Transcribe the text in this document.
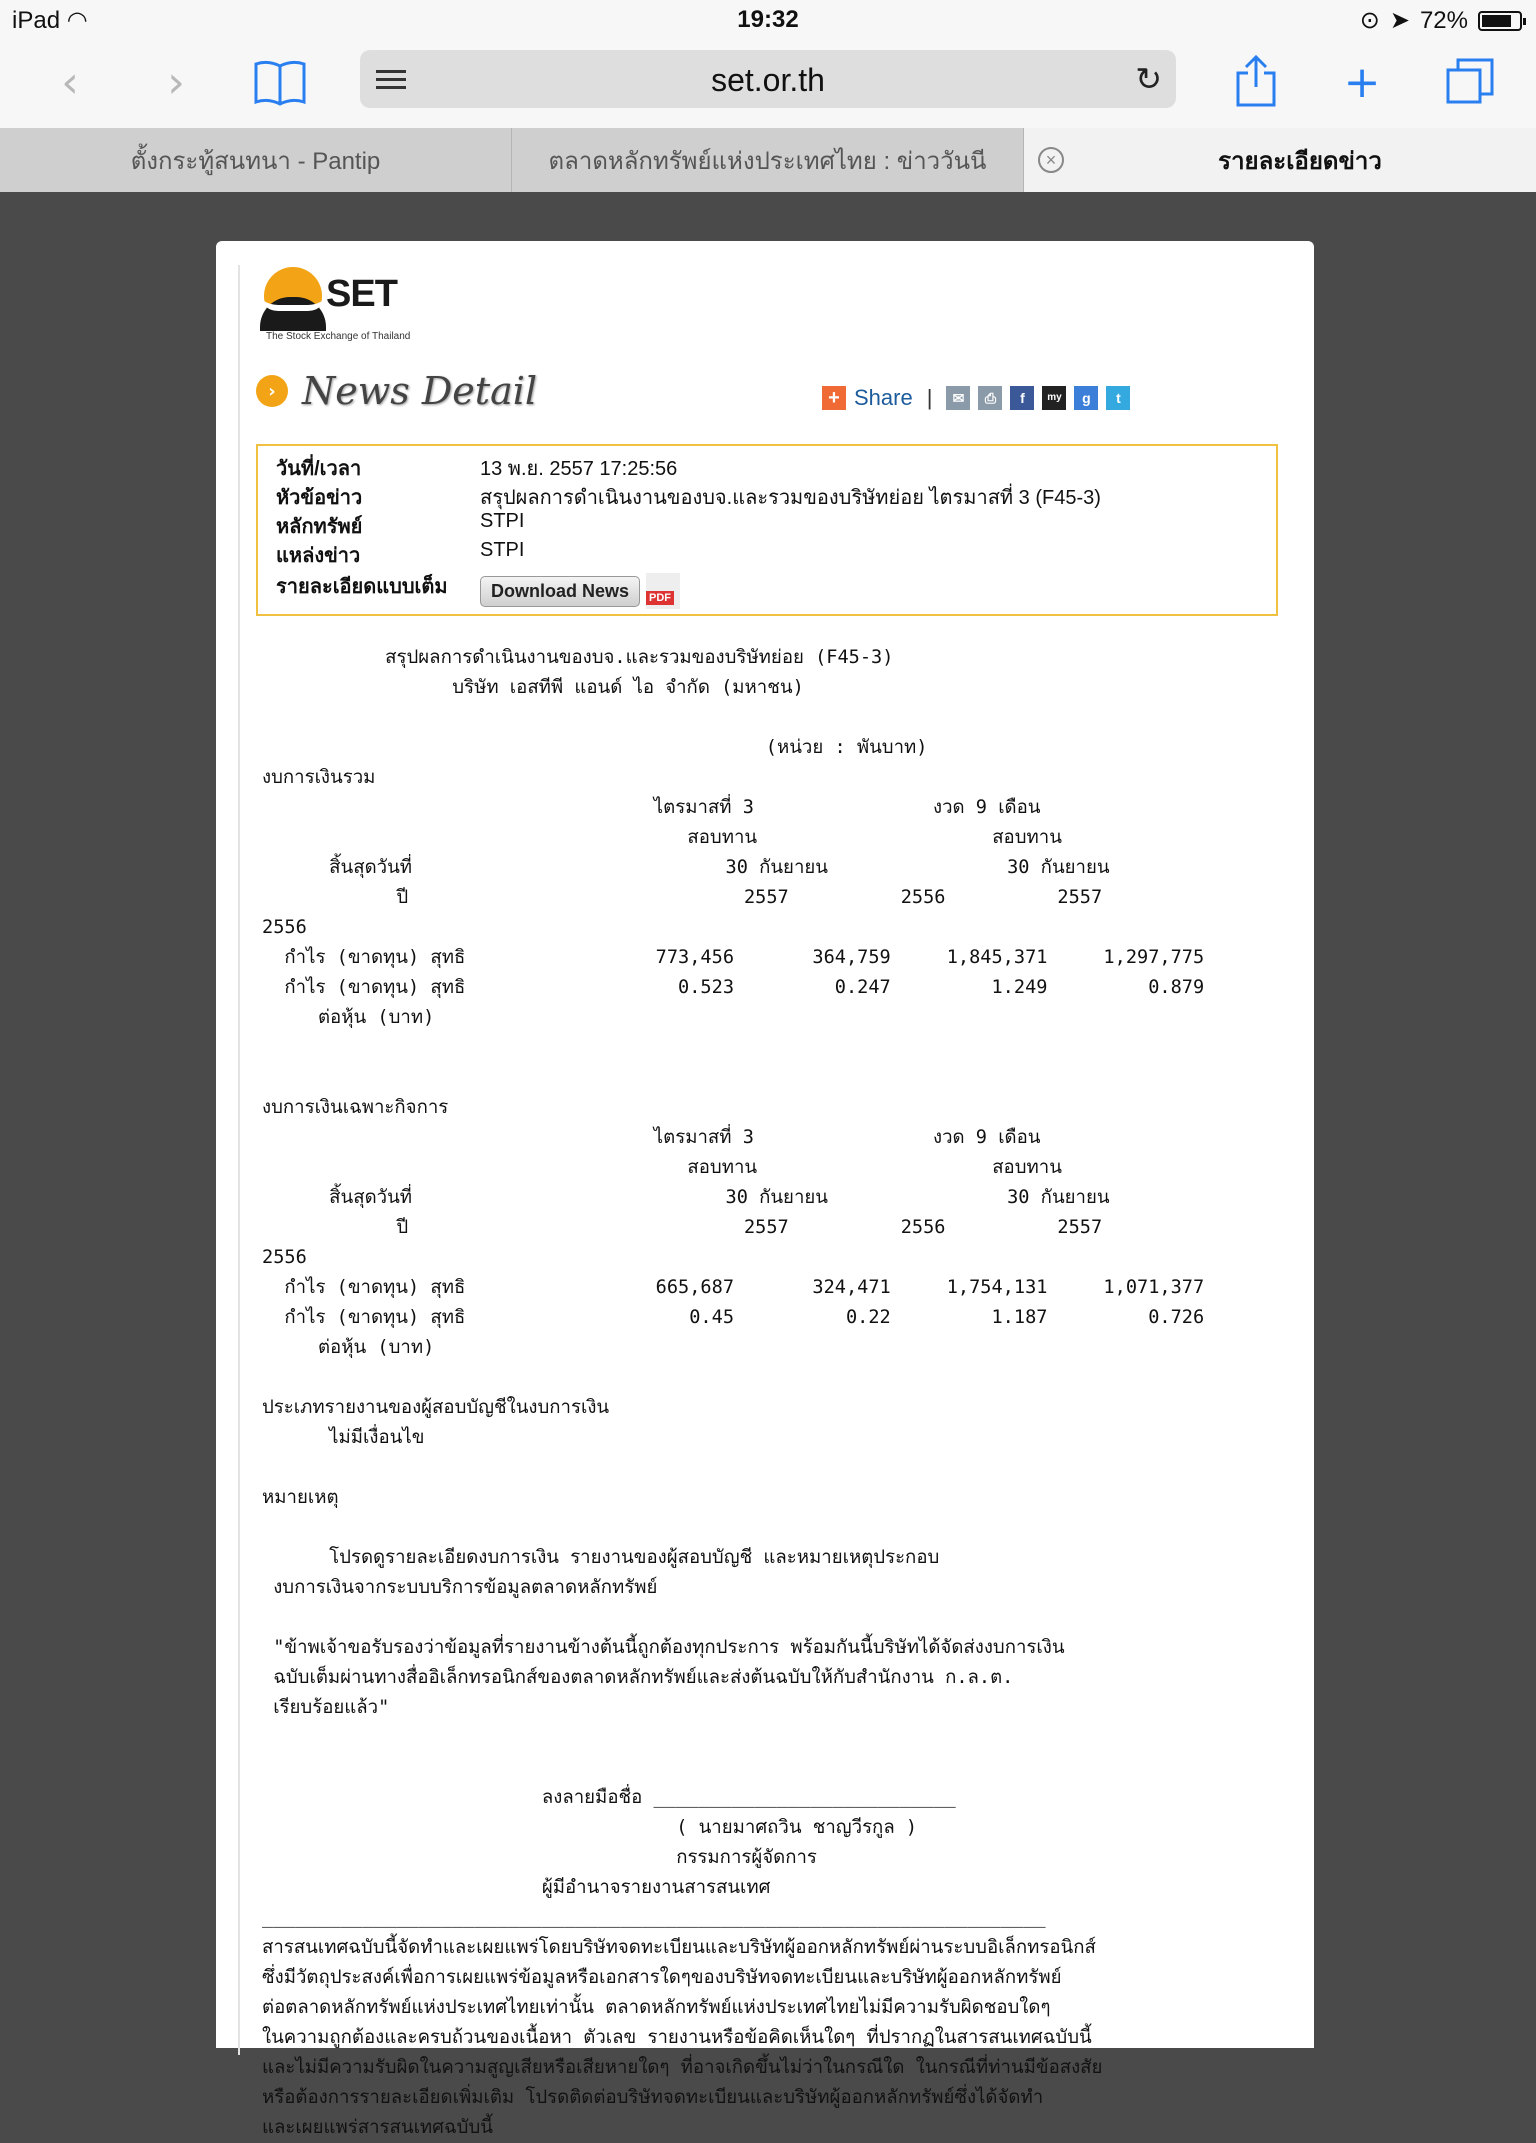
iPad ◠	19:32	⊙ ➤ 72%
‹	›	set.or.th	↻	+
ตั้งกระทู้สนทนา - Pantip	ตลาดหลักทรัพย์แห่งประเทศไทย : ข่าววันนี	รายละเอียดข่าว
×
SET
The Stock Exchange of Thailand
› News Detail	+ Share |	✉	⎙	f	my	g	t
วันที่/เวลา	13 พ.ย. 2557 17:25:56
หัวข้อข่าว	สรุปผลการดำเนินงานของบจ.และรวมของบริษัทย่อย ไตรมาสที่ 3 (F45-3)
หลักทรัพย์	STPI
แหล่งข่าว	STPI
รายละเอียดแบบเต็ม	Download News	PDF
สรุปผลการดำเนินงานของบจ.และรวมของบริษัทย่อย (F45-3)
บริษัท เอสทีพี แอนด์ ไอ จำกัด (มหาชน)

(หน่วย : พันบาท)
งบการเงินรวม
ไตรมาสที่ 3                งวด 9 เดือน
สอบทาน                     สอบทาน
สิ้นสุดวันที่                            30 กันยายน                30 กันยายน
ปี                              2557          2556          2557
2556
กำไร (ขาดทุน) สุทธิ                 773,456       364,759     1,845,371     1,297,775
กำไร (ขาดทุน) สุทธิ                   0.523         0.247         1.249         0.879
ต่อหุ้น (บาท)

งบการเงินเฉพาะกิจการ
ไตรมาสที่ 3                งวด 9 เดือน
สอบทาน                     สอบทาน
สิ้นสุดวันที่                            30 กันยายน                30 กันยายน
ปี                              2557          2556          2557
2556
กำไร (ขาดทุน) สุทธิ                 665,687       324,471     1,754,131     1,071,377
กำไร (ขาดทุน) สุทธิ                    0.45          0.22         1.187         0.726
ต่อหุ้น (บาท)

ประเภทรายงานของผู้สอบบัญชีในงบการเงิน
ไม่มีเงื่อนไข

หมายเหตุ

โปรดดูรายละเอียดงบการเงิน รายงานของผู้สอบบัญชี และหมายเหตุประกอบ
งบการเงินจากระบบบริการข้อมูลตลาดหลักทรัพย์

"ข้าพเจ้าขอรับรองว่าข้อมูลที่รายงานข้างต้นนี้ถูกต้องทุกประการ พร้อมกันนี้บริษัทได้จัดส่งงบการเงิน
ฉบับเต็มผ่านทางสื่ออิเล็กทรอนิกส์ของตลาดหลักทรัพย์และส่งต้นฉบับให้กับสำนักงาน ก.ล.ต.
เรียบร้อยแล้ว"

ลงลายมือชื่อ ___________________________
( นายมาศถวิน ชาญวีรกูล )
กรรมการผู้จัดการ
ผู้มีอำนาจรายงานสารสนเทศ
______________________________________________________________________
สารสนเทศฉบับนี้จัดทำและเผยแพร่โดยบริษัทจดทะเบียนและบริษัทผู้ออกหลักทรัพย์ผ่านระบบอิเล็กทรอนิกส์
ซึ่งมีวัตถุประสงค์เพื่อการเผยแพร่ข้อมูลหรือเอกสารใดๆของบริษัทจดทะเบียนและบริษัทผู้ออกหลักทรัพย์
ต่อตลาดหลักทรัพย์แห่งประเทศไทยเท่านั้น ตลาดหลักทรัพย์แห่งประเทศไทยไม่มีความรับผิดชอบใดๆ
ในความถูกต้องและครบถ้วนของเนื้อหา ตัวเลข รายงานหรือข้อคิดเห็นใดๆ ที่ปรากฏในสารสนเทศฉบับนี้
และไม่มีความรับผิดในความสูญเสียหรือเสียหายใดๆ ที่อาจเกิดขึ้นไม่ว่าในกรณีใด ในกรณีที่ท่านมีข้อสงสัย
หรือต้องการรายละเอียดเพิ่มเติม โปรดติดต่อบริษัทจดทะเบียนและบริษัทผู้ออกหลักทรัพย์ซึ่งได้จัดทำ
และเผยแพร่สารสนเทศฉบับนี้
